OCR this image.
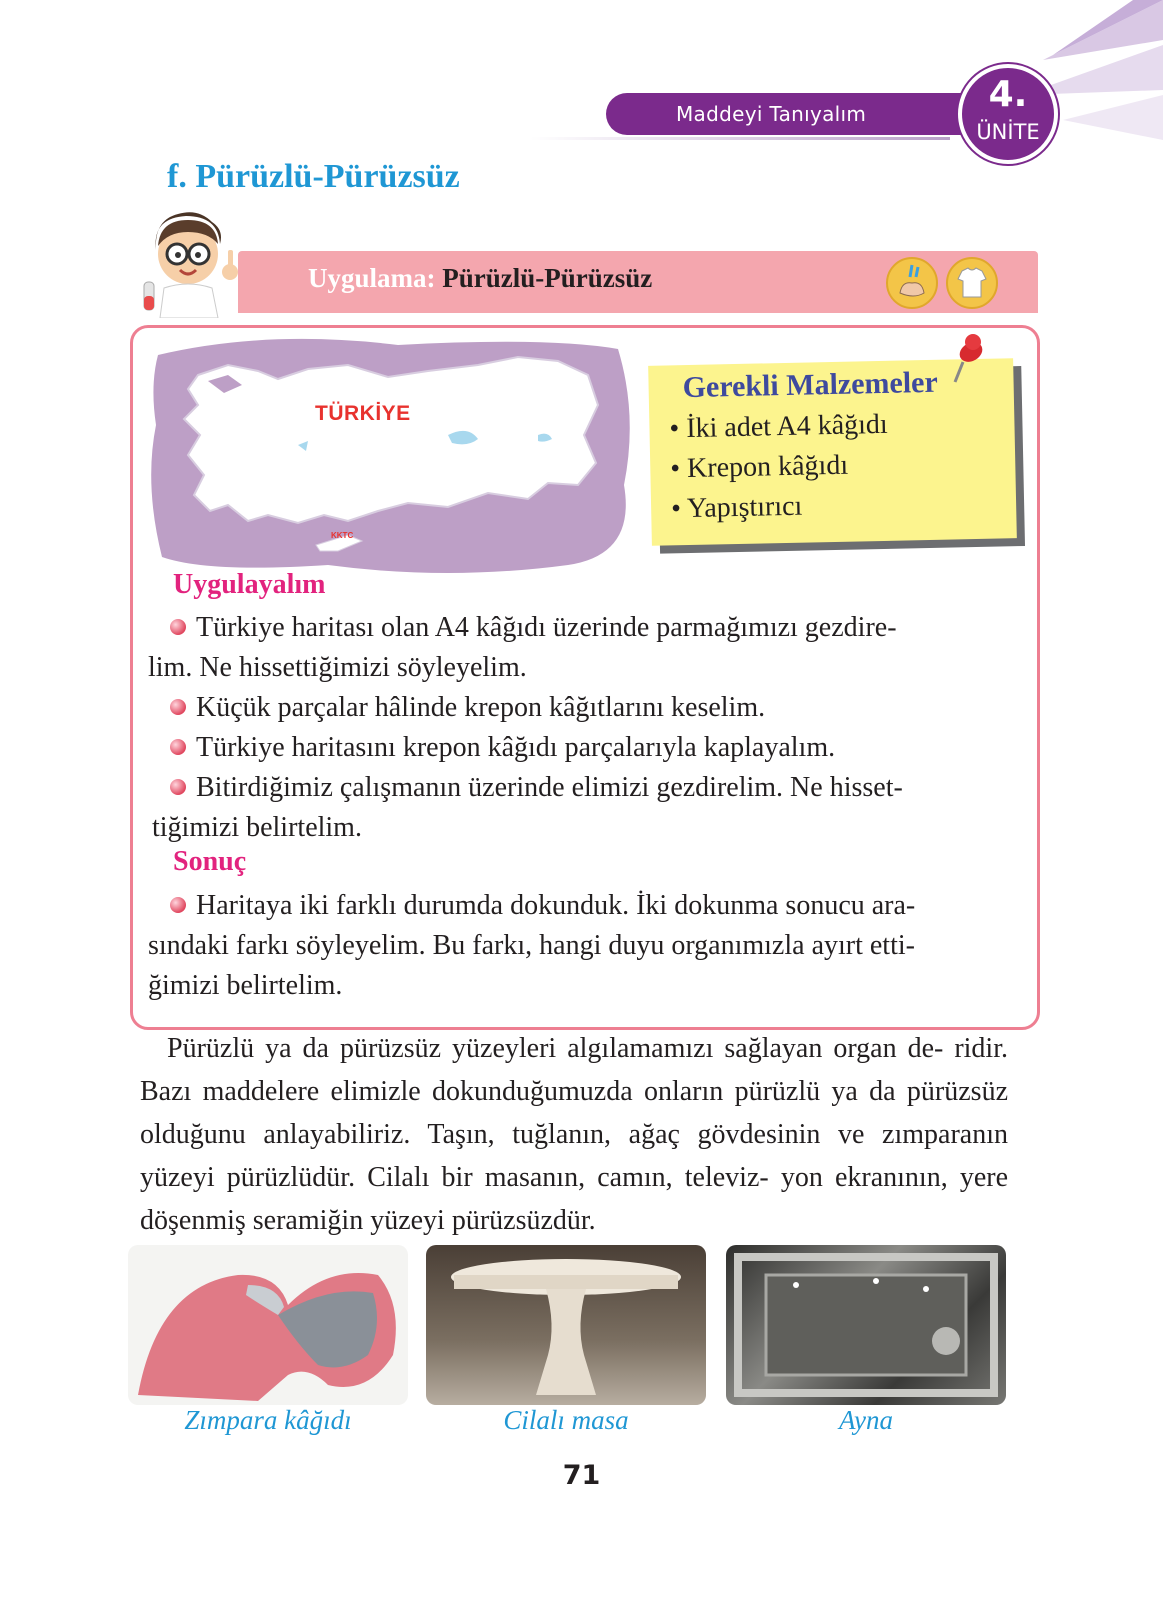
Maddeyi Tanıyalım	4.
ÜNİTE
f. Pürüzlü-Pürüzsüz
Uygulama: Pürüzlü-Pürüzsüz
TÜRKİYE
KKTC
Gerekli Malzemeler
• İki adet A4 kâğıdı
• Krepon kâğıdı
• Yapıştırıcı
Uygulayalım
Türkiye haritası olan A4 kâğıdı üzerinde parmağımızı gezdire-
lim. Ne hissettiğimizi söyleyelim.
Küçük parçalar hâlinde krepon kâğıtlarını keselim.
Türkiye haritasını krepon kâğıdı parçalarıyla kaplayalım.
Bitirdiğimiz çalışmanın üzerinde elimizi gezdirelim. Ne hisset-
tiğimizi belirtelim.
Sonuç
Haritaya iki farklı durumda dokunduk. İki dokunma sonucu ara-
sındaki farkı söyleyelim. Bu farkı, hangi duyu organımızla ayırt etti-
ğimizi belirtelim.
Pürüzlü ya da pürüzsüz yüzeyleri algılamamızı sağlayan organ de- ridir. Bazı maddelere elimizle dokunduğumuzda onların pürüzlü ya da pürüzsüz olduğunu anlayabiliriz. Taşın, tuğlanın, ağaç gövdesinin ve zımparanın yüzeyi pürüzlüdür. Cilalı bir masanın, camın, televiz- yon ekranının, yere döşenmiş seramiğin yüzeyi pürüzsüzdür.
Zımpara kâğıdı	Cilalı masa	Ayna
71
